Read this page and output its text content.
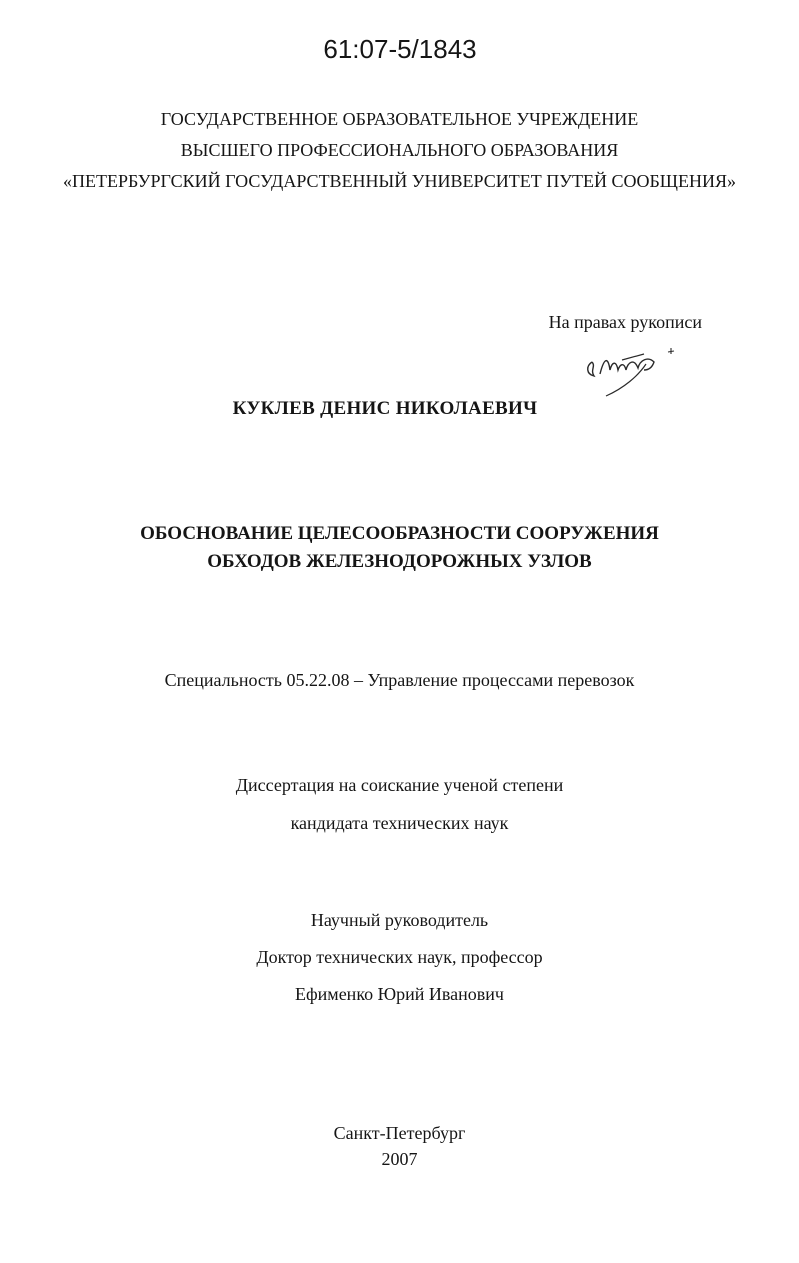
61:07-5/1843
ГОСУДАРСТВЕННОЕ ОБРАЗОВАТЕЛЬНОЕ УЧРЕЖДЕНИЕ
ВЫСШЕГО ПРОФЕССИОНАЛЬНОГО ОБРАЗОВАНИЯ
«ПЕТЕРБУРГСКИЙ ГОСУДАРСТВЕННЫЙ УНИВЕРСИТЕТ ПУТЕЙ СООБЩЕНИЯ»
На правах рукописи
КУКЛЕВ ДЕНИС НИКОЛАЕВИЧ
ОБОСНОВАНИЕ ЦЕЛЕСООБРАЗНОСТИ СООРУЖЕНИЯ
ОБХОДОВ ЖЕЛЕЗНОДОРОЖНЫХ УЗЛОВ
Специальность 05.22.08 – Управление процессами перевозок
Диссертация на соискание ученой степени
кандидата технических наук
Научный руководитель
Доктор технических наук, профессор
Ефименко Юрий Иванович
Санкт-Петербург
2007
